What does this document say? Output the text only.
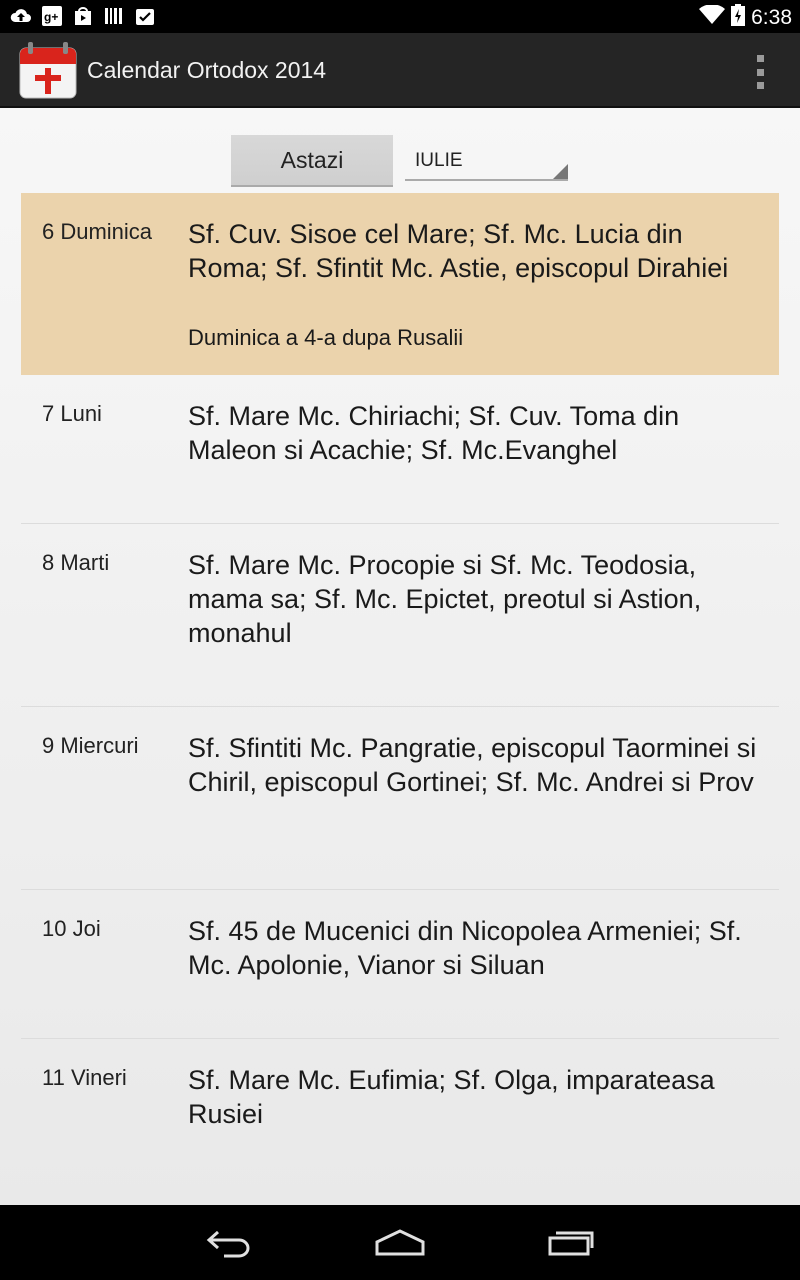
g+	6:38
Calendar Ortodox 2014
Astazi	IULIE
6 Duminica Sf. Cuv. Sisoe cel Mare; Sf. Mc. Lucia din Roma; Sf. Sfintit Mc. Astie, episcopul Dirahiei
Duminica a 4-a dupa Rusalii
7 Luni	Sf. Mare Mc. Chiriachi; Sf. Cuv. Toma din Maleon si Acachie; Sf. Mc.Evanghel
8 Marti	Sf. Mare Mc. Procopie si Sf. Mc. Teodosia, mama sa; Sf. Mc. Epictet, preotul si Astion, monahul
9 Miercuri Sf. Sfintiti Mc. Pangratie, episcopul Taorminei si Chiril, episcopul Gortinei; Sf. Mc. Andrei si Prov
10 Joi	Sf. 45 de Mucenici din Nicopolea Armeniei; Sf. Mc. Apolonie, Vianor si Siluan
11 Vineri Sf. Mare Mc. Eufimia; Sf. Olga, imparateasa Rusiei
